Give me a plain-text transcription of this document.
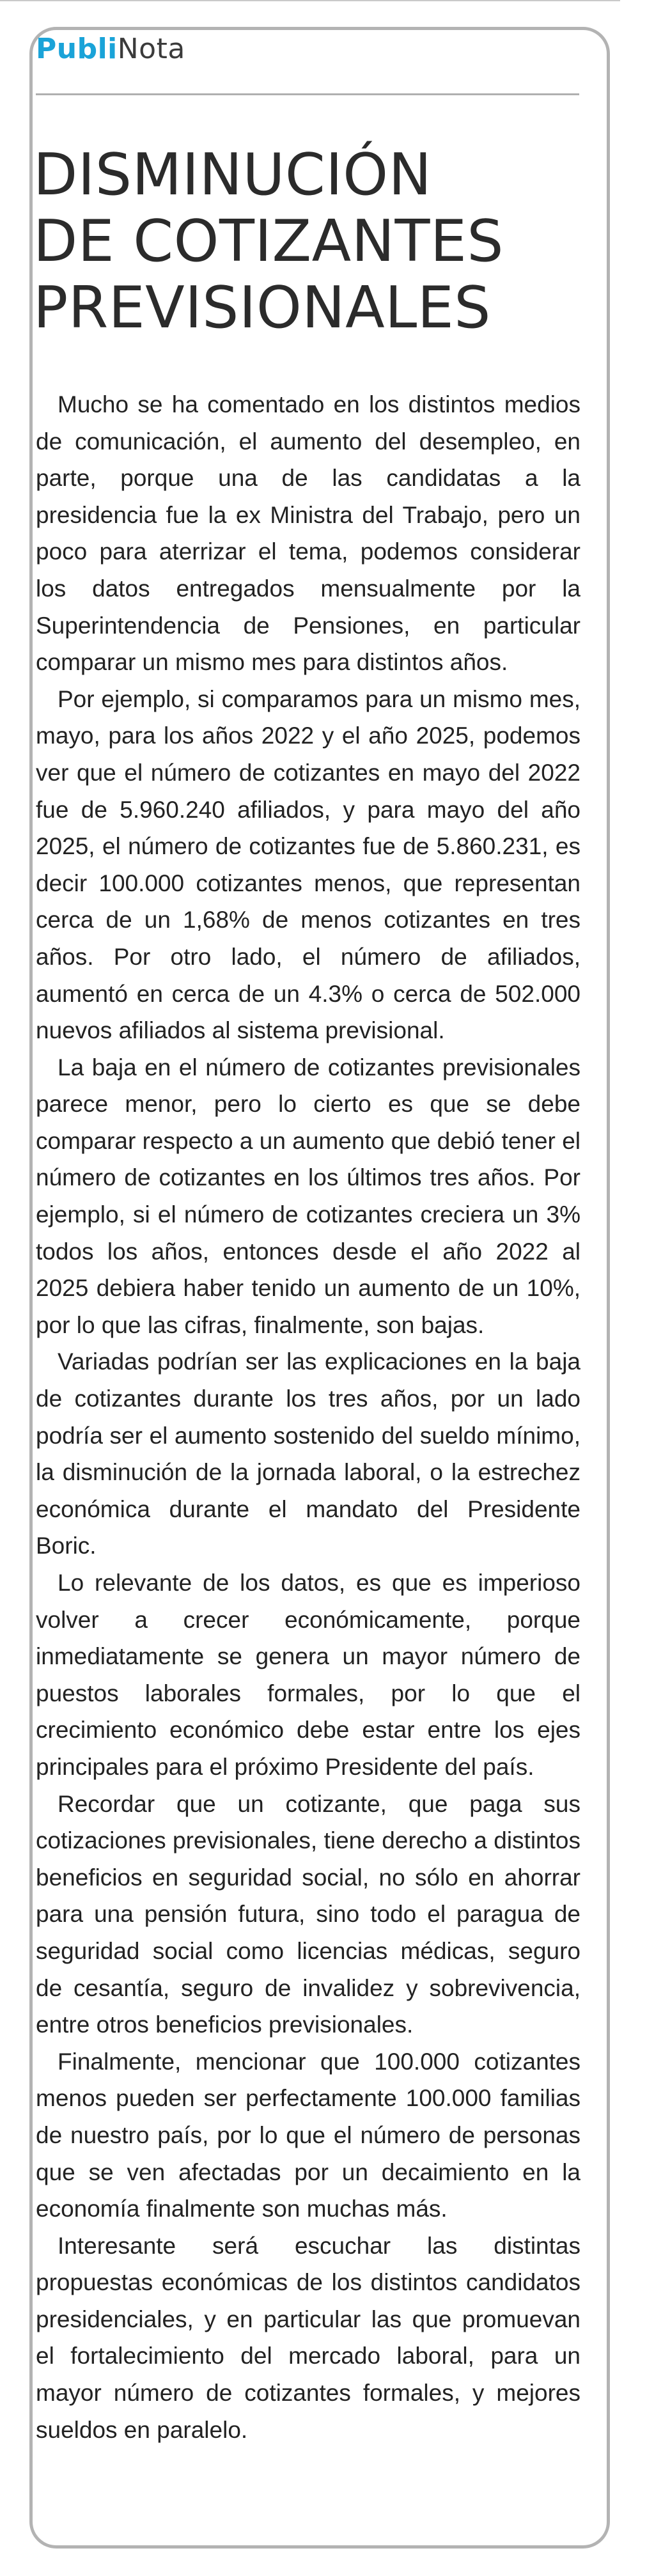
Publi Nota
DISMINUCIÓN
DE COTIZANTES
PREVISIONALES

Mucho se ha comentado en los distintos medios de comunicación, el aumento del desempleo, en parte, porque una de las candidatas a la presidencia fue la ex Ministra del Trabajo, pero un poco para aterrizar el tema, podemos considerar los datos entregados mensualmente por la Superintendencia de Pensiones, en particular comparar un mismo mes para distintos años.

Por ejemplo, si comparamos para un mismo mes, mayo, para los años 2022 y el año 2025, podemos ver que el número de cotizantes en mayo del 2022 fue de 5.960.240 afiliados, y para mayo del año 2025, el número de cotizantes fue de 5.860.231, es decir 100.000 cotizantes menos, que representan cerca de un 1,68% de menos cotizantes en tres años. Por otro lado, el número de afiliados, aumentó en cerca de un 4.3% o cerca de 502.000 nuevos afiliados al sistema previsional.

La baja en el número de cotizantes previsionales parece menor, pero lo cierto es que se debe comparar respecto a un aumento que debió tener el número de cotizantes en los últimos tres años. Por ejemplo, si el número de cotizantes creciera un 3% todos los años, entonces desde el año 2022 al 2025 debiera haber tenido un aumento de un 10%, por lo que las cifras, finalmente, son bajas.

Variadas podrían ser las explicaciones en la baja de cotizantes durante los tres años, por un lado podría ser el aumento sostenido del sueldo mínimo, la disminución de la jornada laboral, o la estrechez económica durante el mandato del Presidente Boric.

Lo relevante de los datos, es que es imperioso volver a crecer económicamente, porque inmediatamente se genera un mayor número de puestos laborales formales, por lo que el crecimiento económico debe estar entre los ejes principales para el próximo Presidente del país.

Recordar que un cotizante, que paga sus cotizaciones previsionales, tiene derecho a distintos beneficios en seguridad social, no sólo en ahorrar para una pensión futura, sino todo el paragua de seguridad social como licencias médicas, seguro de cesantía, seguro de invalidez y sobrevivencia, entre otros beneficios previsionales.

Finalmente, mencionar que 100.000 cotizantes menos pueden ser perfectamente 100.000 familias de nuestro país, por lo que el número de personas que se ven afectadas por un decaimiento en la economía finalmente son muchas más.

Interesante será escuchar las distintas propuestas económicas de los distintos candidatos presidenciales, y en particular las que promuevan el fortalecimiento del mercado laboral, para un mayor número de cotizantes formales, y mejores sueldos en paralelo.
